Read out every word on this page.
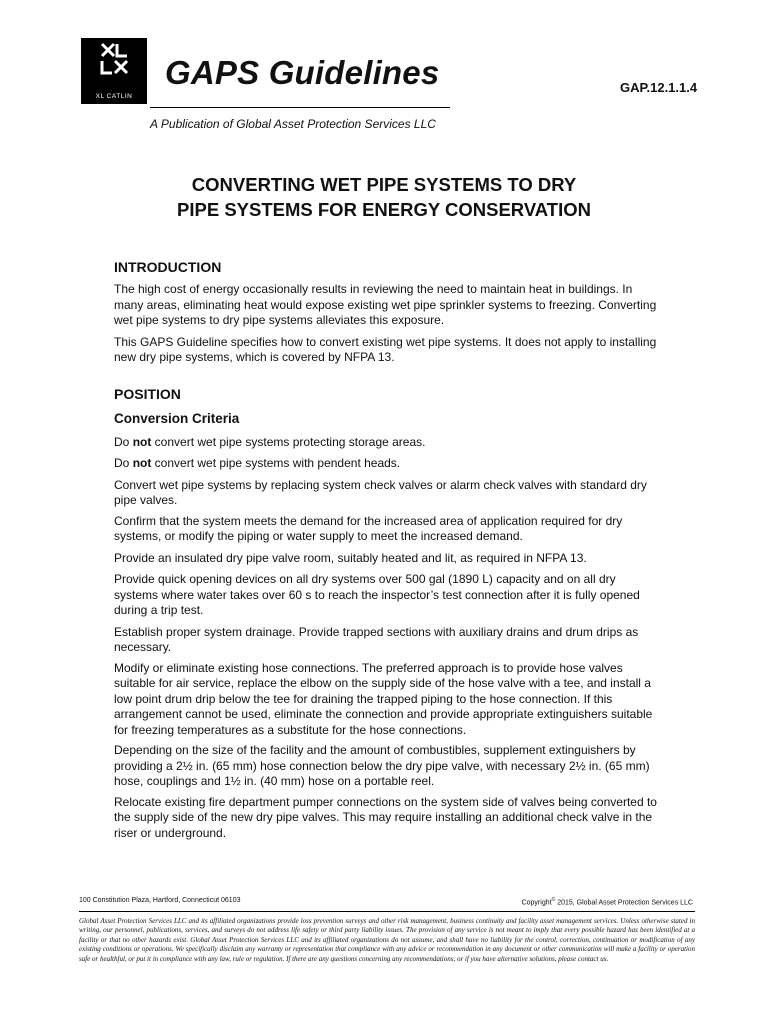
XL CATLIN
GAPS Guidelines	GAP.12.1.1.4
A Publication of Global Asset Protection Services LLC
CONVERTING WET PIPE SYSTEMS TO DRY
PIPE SYSTEMS FOR ENERGY CONSERVATION
INTRODUCTION

The high cost of energy occasionally results in reviewing the need to maintain heat in buildings. In many areas, eliminating heat would expose existing wet pipe sprinkler systems to freezing. Converting wet pipe systems to dry pipe systems alleviates this exposure.

This GAPS Guideline specifies how to convert existing wet pipe systems. It does not apply to installing new dry pipe systems, which is covered by NFPA 13.

POSITION
Conversion Criteria

Do not convert wet pipe systems protecting storage areas.

Do not convert wet pipe systems with pendent heads.

Convert wet pipe systems by replacing system check valves or alarm check valves with standard dry pipe valves.

Confirm that the system meets the demand for the increased area of application required for dry systems, or modify the piping or water supply to meet the increased demand.

Provide an insulated dry pipe valve room, suitably heated and lit, as required in NFPA 13.

Provide quick opening devices on all dry systems over 500 gal (1890 L) capacity and on all dry systems where water takes over 60 s to reach the inspector’s test connection after it is fully opened during a trip test.

Establish proper system drainage. Provide trapped sections with auxiliary drains and drum drips as necessary.

Modify or eliminate existing hose connections. The preferred approach is to provide hose valves suitable for air service, replace the elbow on the supply side of the hose valve with a tee, and install a low point drum drip below the tee for draining the trapped piping to the hose connection. If this arrangement cannot be used, eliminate the connection and provide appropriate extinguishers suitable for freezing temperatures as a substitute for the hose connections.

Depending on the size of the facility and the amount of combustibles, supplement extinguishers by providing a 2½ in. (65 mm) hose connection below the dry pipe valve, with necessary 2½ in. (65 mm) hose, couplings and 1½ in. (40 mm) hose on a portable reel.

Relocate existing fire department pumper connections on the system side of valves being converted to the supply side of the new dry pipe valves. This may require installing an additional check valve in the riser or underground.

100 Constitution Plaza, Hartford, Connecticut 06103	Copyright© 2015, Global Asset Protection Services LLC

Global Asset Protection Services LLC and its affiliated organizations provide loss prevention surveys and other risk management, business continuity and facility asset management services. Unless otherwise stated in writing, our personnel, publications, services, and surveys do not address life safety or third party liability issues. The provision of any service is not meant to imply that every possible hazard has been identified at a facility or that no other hazards exist. Global Asset Protection Services LLC and its affiliated organizations do not assume, and shall have no liability for the control, correction, continuation or modification of any existing conditions or operations. We specifically disclaim any warranty or representation that compliance with any advice or recommendation in any document or other communication will make a facility or operation safe or healthful, or put it in compliance with any law, rule or regulation. If there are any questions concerning any recommendations, or if you have alternative solutions, please contact us.
